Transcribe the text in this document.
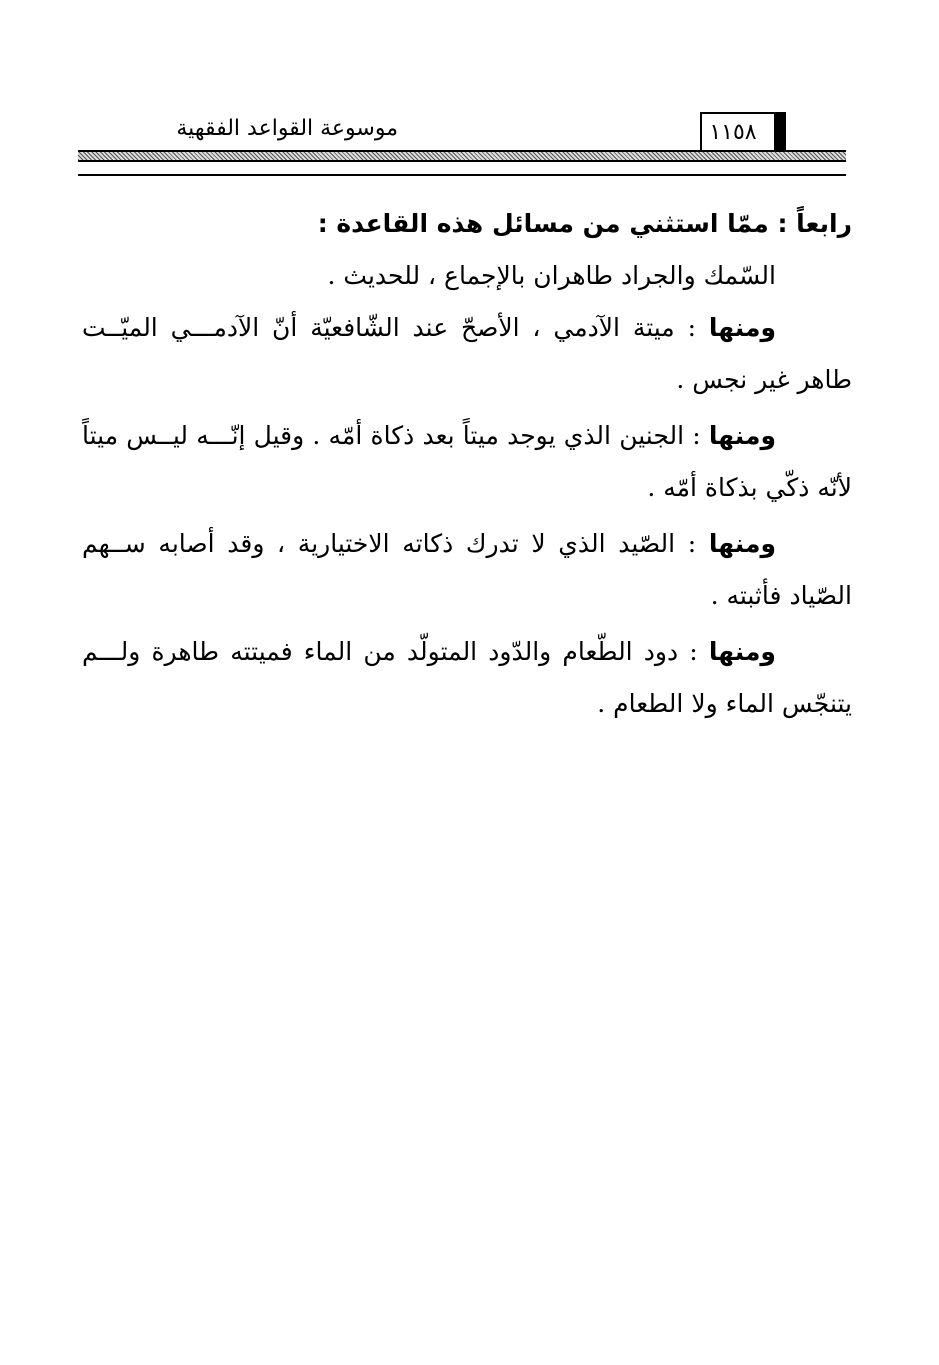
موسوعة القواعد الفقهية	١١٥٨

رابعاً : ممّا استثني من مسائل هذه القاعدة :

السّمك والجراد طاهران بالإجماع ، للحديث .

ومنها : ميتة الآدمي ، الأصحّ عند الشّافعيّة أنّ الآدمـــي الميّــت طاهر غير نجس .

ومنها : الجنين الذي يوجد ميتاً بعد ذكاة أمّه . وقيل إنّـــه ليــس ميتاً لأنّه ذكّي بذكاة أمّه .

ومنها : الصّيد الذي لا تدرك ذكاته الاختيارية ، وقد أصابه ســهم الصّياد فأثبته .

ومنها : دود الطّعام والدّود المتولّد من الماء فميتته طاهرة ولـــم يتنجّس الماء ولا الطعام .
